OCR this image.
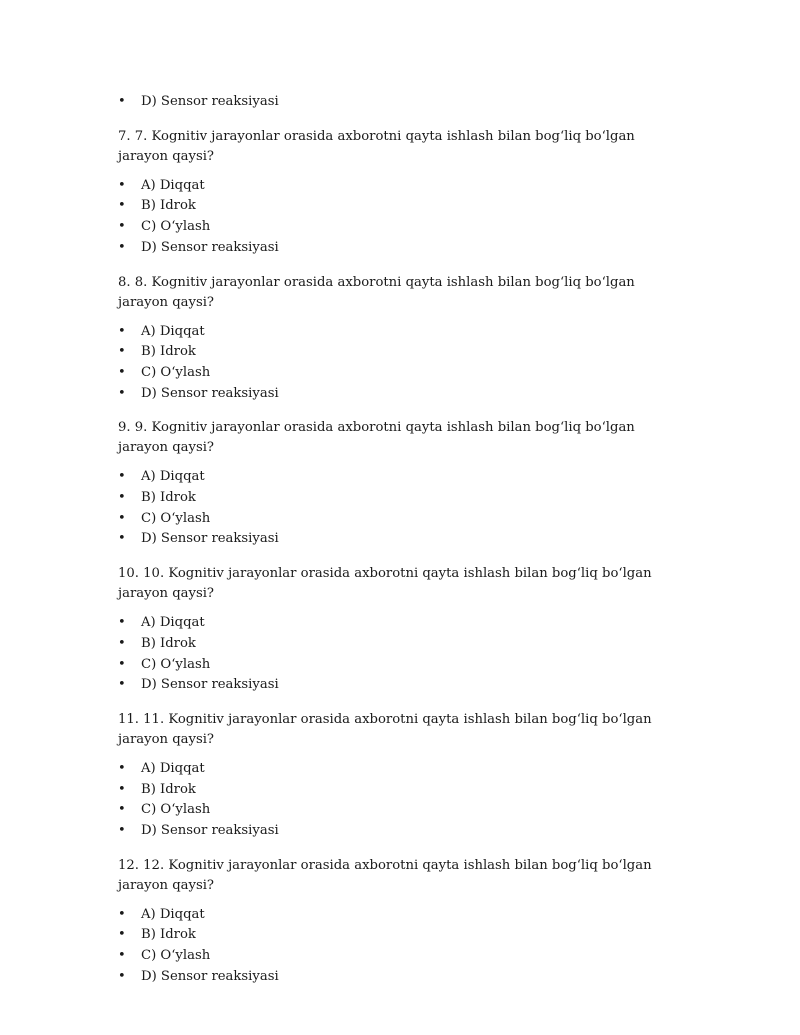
• D) Sensor reaksiyasi

7. 7. Kognitiv jarayonlar orasida axborotni qayta ishlash bilan bog‘liq bo‘lgan jarayon qaysi?

• A) Diqqat
• B) Idrok
• C) O‘ylash
• D) Sensor reaksiyasi

8. 8. Kognitiv jarayonlar orasida axborotni qayta ishlash bilan bog‘liq bo‘lgan jarayon qaysi?

• A) Diqqat
• B) Idrok
• C) O‘ylash
• D) Sensor reaksiyasi

9. 9. Kognitiv jarayonlar orasida axborotni qayta ishlash bilan bog‘liq bo‘lgan jarayon qaysi?

• A) Diqqat
• B) Idrok
• C) O‘ylash
• D) Sensor reaksiyasi

10. 10. Kognitiv jarayonlar orasida axborotni qayta ishlash bilan bog‘liq bo‘lgan jarayon qaysi?

• A) Diqqat
• B) Idrok
• C) O‘ylash
• D) Sensor reaksiyasi

11. 11. Kognitiv jarayonlar orasida axborotni qayta ishlash bilan bog‘liq bo‘lgan jarayon qaysi?

• A) Diqqat
• B) Idrok
• C) O‘ylash
• D) Sensor reaksiyasi

12. 12. Kognitiv jarayonlar orasida axborotni qayta ishlash bilan bog‘liq bo‘lgan jarayon qaysi?

• A) Diqqat
• B) Idrok
• C) O‘ylash
• D) Sensor reaksiyasi
